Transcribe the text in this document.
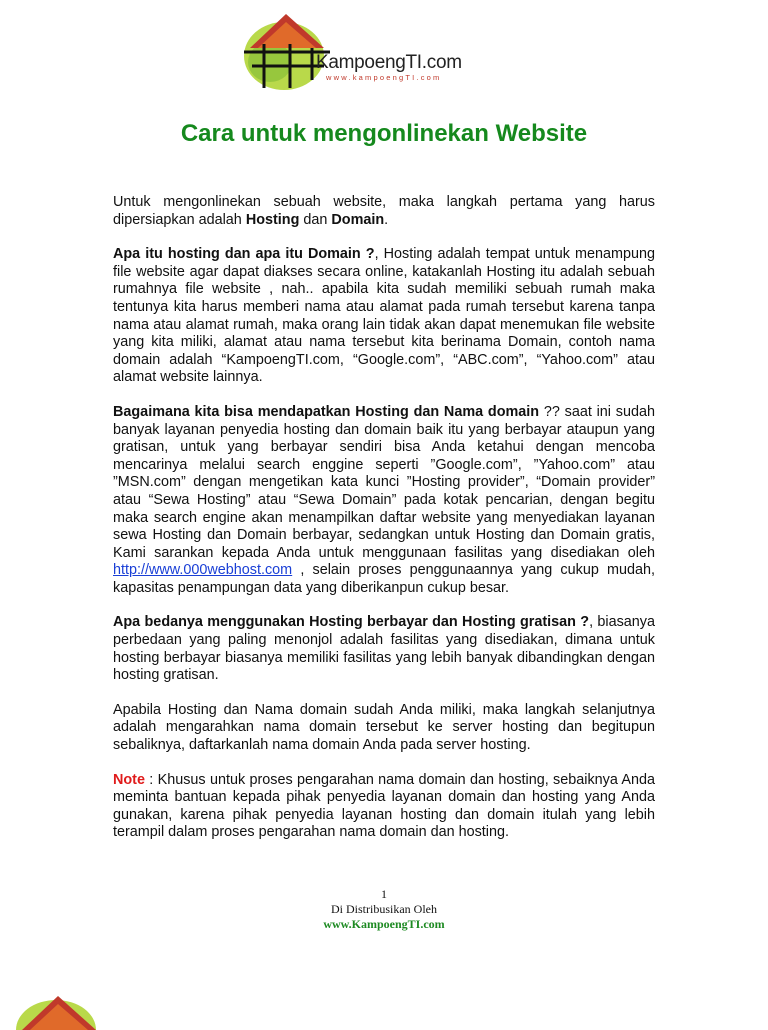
KampoengTI.com
www.kampoengTI.com
Cara untuk mengonlinekan Website

Untuk mengonlinekan sebuah website, maka langkah pertama yang harus dipersiapkan adalah Hosting dan Domain.

Apa itu hosting dan apa itu Domain ?, Hosting adalah tempat untuk menampung file website agar dapat diakses secara online, katakanlah Hosting itu adalah sebuah rumahnya file website , nah.. apabila kita sudah memiliki sebuah rumah maka tentunya kita harus memberi nama atau alamat pada rumah tersebut karena tanpa nama atau alamat rumah, maka orang lain tidak akan dapat menemukan file website yang kita miliki, alamat atau nama tersebut kita berinama Domain, contoh nama domain adalah “KampoengTI.com, “Google.com”, “ABC.com”, “Yahoo.com” atau alamat website lainnya.

Bagaimana kita bisa mendapatkan Hosting dan Nama domain ?? saat ini sudah banyak layanan penyedia hosting dan domain baik itu yang berbayar ataupun yang gratisan, untuk yang berbayar sendiri bisa Anda ketahui dengan mencoba mencarinya melalui search enggine seperti ”Google.com”, ”Yahoo.com” atau ”MSN.com” dengan mengetikan kata kunci ”Hosting provider”, “Domain provider” atau “Sewa Hosting” atau “Sewa Domain” pada kotak pencarian, dengan begitu maka search engine akan menampilkan daftar website yang menyediakan layanan sewa Hosting dan Domain berbayar, sedangkan untuk Hosting dan Domain gratis, Kami sarankan kepada Anda untuk menggunaan fasilitas yang disediakan oleh http://www.000webhost.com , selain proses penggunaannya yang cukup mudah, kapasitas penampungan data yang diberikanpun cukup besar.

Apa bedanya menggunakan Hosting berbayar dan Hosting gratisan ?, biasanya perbedaan yang paling menonjol adalah fasilitas yang disediakan, dimana untuk hosting berbayar biasanya memiliki fasilitas yang lebih banyak dibandingkan dengan hosting gratisan.

Apabila Hosting dan Nama domain sudah Anda miliki, maka langkah selanjutnya adalah mengarahkan nama domain tersebut ke server hosting dan begitupun sebaliknya, daftarkanlah nama domain Anda pada server hosting.

Note : Khusus untuk proses pengarahan nama domain dan hosting, sebaiknya Anda meminta bantuan kepada pihak penyedia layanan domain dan hosting yang Anda gunakan, karena pihak penyedia layanan hosting dan domain itulah yang lebih terampil dalam proses pengarahan nama domain dan hosting.

1
Di Distribusikan Oleh
www.KampoengTI.com
